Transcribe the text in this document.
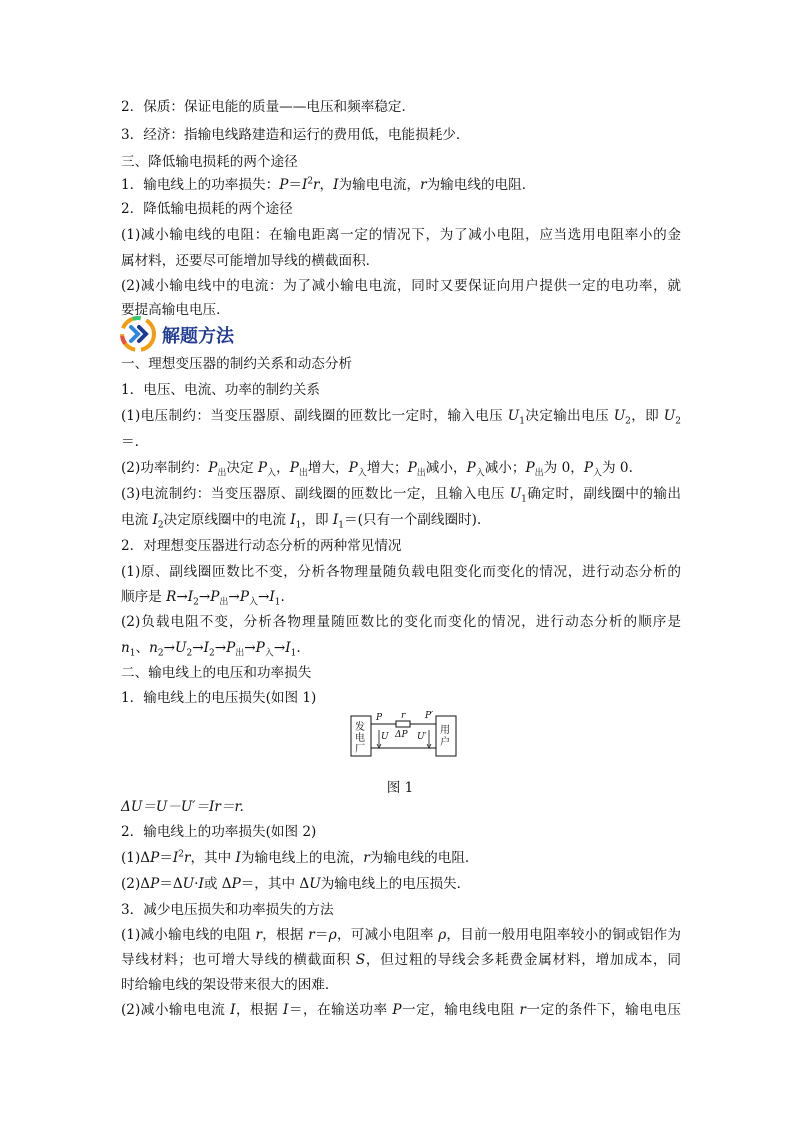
2．保质：保证电能的质量——电压和频率稳定．
3．经济：指输电线路建造和运行的费用低，电能损耗少．
三、降低输电损耗的两个途径
1．输电线上的功率损失：$P=I^2r$，I为输电电流，r为输电线的电阻．
2．降低输电损耗的两个途径
(1)减小输电线的电阻：在输电距离一定的情况下，为了减小电阻，应当选用电阻率小的金
属材料，还要尽可能增加导线的横截面积．
(2)减小输电线中的电流：为了减小输电电流，同时又要保证向用户提供一定的电功率，就
要提高输电电压．
解题方法
一、理想变压器的制约关系和动态分析
1．电压、电流、功率的制约关系
(1)电压制约：当变压器原、副线圈的匝数比一定时，输入电压 $U_1$决定输出电压 $U_2$，即 $U_2$
＝.
(2)功率制约：$P_出$决定 $P_入$，$P_出$增大，$P_入$增大；$P_出$减小，$P_入$减小；$P_出$为 0，$P_入$为 0.
(3)电流制约：当变压器原、副线圈的匝数比一定，且输入电压 $U_1$确定时，副线圈中的输出
电流 $I_2$决定原线圈中的电流 $I_1$，即 $I_1=$(只有一个副线圈时)．
2．对理想变压器进行动态分析的两种常见情况
(1)原、副线圈匝数比不变，分析各物理量随负载电阻变化而变化的情况，进行动态分析的
顺序是 $R\to I_2\to P_出\to P_入\to I_1$.
(2)负载电阻不变，分析各物理量随匝数比的变化而变化的情况，进行动态分析的顺序是
$n_1$、$n_2\to U_2\to I_2\to P_出\to P_入\to I_1$.
二、输电线上的电压和功率损失
1．输电线上的电压损失(如图 1)
发
电
厂
用
户
P r P′
U ΔP U′
图 1
ΔU＝U－U′＝Ir＝r.
2．输电线上的功率损失(如图 2)
$(1)\Delta P=I^2r$，其中 I为输电线上的电流，r为输电线的电阻．
(2)ΔP＝ΔU·I或 ΔP＝，其中 ΔU为输电线上的电压损失．
3．减少电压损失和功率损失的方法
(1)减小输电线的电阻 r，根据 r＝ρ，可减小电阻率 ρ，目前一般用电阻率较小的铜或铝作为
导线材料；也可增大导线的横截面积 S，但过粗的导线会多耗费金属材料，增加成本，同
时给输电线的架设带来很大的困难．
(2)减小输电电流 I，根据 I＝，在输送功率 P一定，输电线电阻 r一定的条件下，输电电压
